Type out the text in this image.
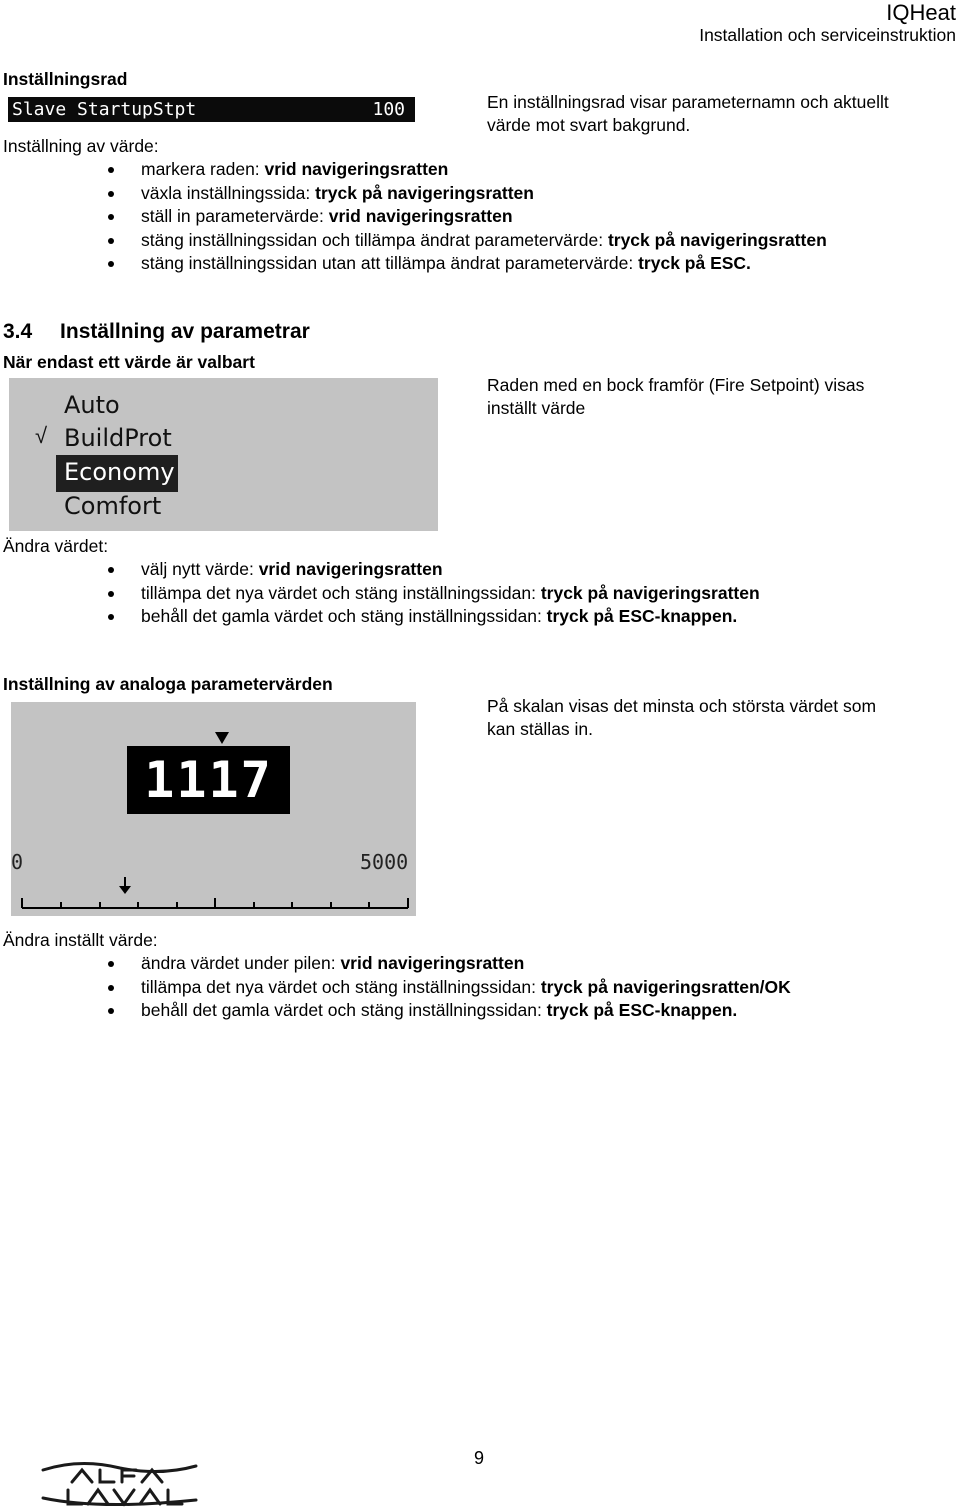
IQHeat
Installation och serviceinstruktion
Inställningsrad
Slave StartupStpt	100	En inställningsrad visar parameternamn och aktuellt
värde mot svart bakgrund.
Inställning av värde:
markera raden: vrid navigeringsratten
växla inställningssida: tryck på navigeringsratten
ställ in parametervärde: vrid navigeringsratten
stäng inställningssidan och tillämpa ändrat parametervärde: tryck på navigeringsratten
stäng inställningssidan utan att tillämpa ändrat parametervärde: tryck på ESC.
3.4 Inställning av parametrar
När endast ett värde är valbart
Auto
√ BuildProt
Economy
Comfort
Raden med en bock framför (Fire Setpoint) visas
inställt värde
Ändra värdet:
välj nytt värde: vrid navigeringsratten
tillämpa det nya värdet och stäng inställningssidan: tryck på navigeringsratten
behåll det gamla värdet och stäng inställningssidan: tryck på ESC-knappen.
Inställning av analoga parametervärden
1117
0	5000
På skalan visas det minsta och största värdet som
kan ställas in.
Ändra inställt värde:
ändra värdet under pilen: vrid navigeringsratten
tillämpa det nya värdet och stäng inställningssidan: tryck på navigeringsratten/OK
behåll det gamla värdet och stäng inställningssidan: tryck på ESC-knappen.
9
